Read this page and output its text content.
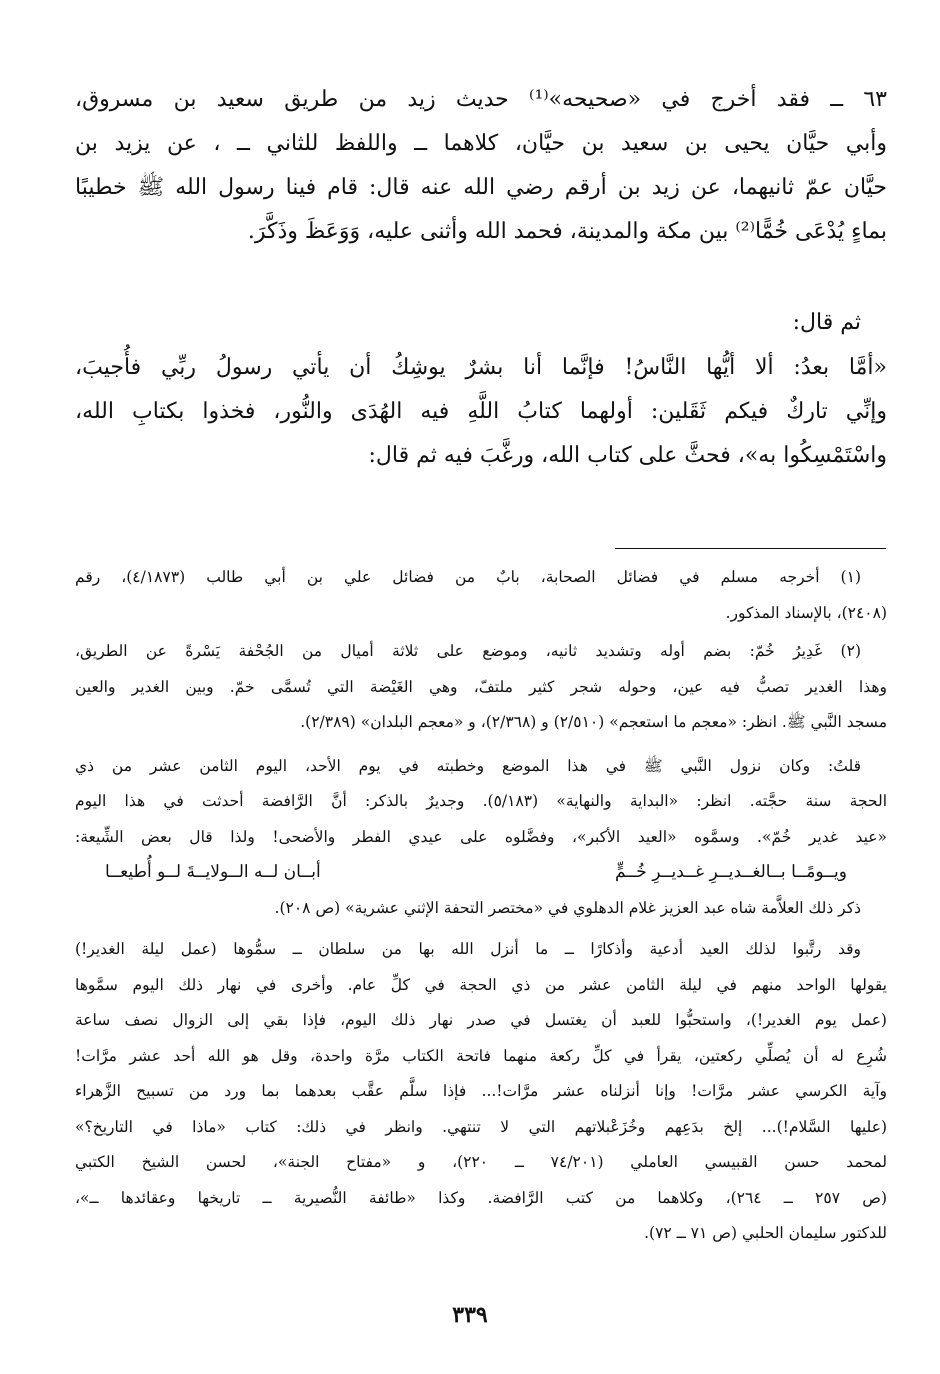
٦٣ ــ فقد أخرج في «صحيحه»⁽¹⁾ حديث زيد من طريق سعيد بن مسروق،
وأبي حيَّان يحيى بن سعيد بن حيَّان، كلاهما ــ واللفظ للثاني ــ ، عن يزيد بن
حيَّان عمّ ثانيهما، عن زيد بن أرقم رضي الله عنه قال: قام فينا رسول الله ﷺ خطيبًا
بماءٍ يُدْعَى خُمًّا⁽²⁾ بين مكة والمدينة، فحمد الله وأثنى عليه، وَوَعَظَ وذَكَّرَ.
ثم قال:
«أمَّا بعدُ: ألا أيُّها النَّاسُ! فإنَّما أنا بشرٌ يوشِكُ أن يأتي رسولُ ربِّي فأُجيبَ،
وإنِّي تاركٌ فيكم ثَقَلين: أولهما كتابُ اللَّهِ فيه الهُدَى والنُّور، فخذوا بكتابِ الله،
واسْتَمْسِكُوا به»، فحثَّ على كتاب الله، ورغَّبَ فيه ثم قال:
(١) أخرجه مسلم في فضائل الصحابة، بابٌ من فضائل علي بن أبي طالب (٤/١٨٧٣)، رقم
(٢٤٠٨)، بالإسناد المذكور.
(٢) غَدِيرُ خُمّ: بضم أوله وتشديد ثانيه، وموضع على ثلاثة أميال من الجُحْفة يَسْرةً عن الطريق،
وهذا الغدير تصبُّ فيه عين، وحوله شجر كثير ملتفّ، وهي الغَيْضة التي تُسمَّى خمّ. وبين الغدير والعين
مسجد النَّبي ﷺ. انظر: «معجم ما استعجم» (٢/٥١٠) و (٢/٣٦٨)، و «معجم البلدان» (٢/٣٨٩).
قلتُ: وكان نزول النَّبي ﷺ في هذا الموضع وخطبته في يوم الأحد، اليوم الثامن عشر من ذي
الحجة سنة حجَّته. انظر: «البداية والنهاية» (٥/١٨٣). وجديرٌ بالذكر: أنَّ الرَّافضة أحدثت في هذا اليوم
«عيد غدير خُمّ». وسمَّوه «العيد الأكبر»، وفضَّلوه على عيدي الفطر والأضحى! ولذا قال بعض الشِّيعة:
ويــومًــا بــالغــديــرِ غــديــرِ خُــمٍّ
أبــان لــه الــولايــةَ لــو أُطيعــا
ذكر ذلك العلاَّمة شاه عبد العزيز غلام الدهلوي في «مختصر التحفة الإثني عشرية» (ص ٢٠٨).
وقد رتَّبوا لذلك العيد أدعية وأذكارًا ــ ما أنزل الله بها من سلطان ــ سمُّوها (عمل ليلة الغدير!)
يقولها الواحد منهم في ليلة الثامن عشر من ذي الحجة في كلِّ عام. وأخرى في نهار ذلك اليوم سمَّوها
(عمل يوم الغدير!)، واستحبُّوا للعبد أن يغتسل في صدر نهار ذلك اليوم، فإذا بقي إلى الزوال نصف ساعة
شُرِع له أن يُصلِّي ركعتين، يقرأ في كلِّ ركعة منهما فاتحة الكتاب مرَّة واحدة، وقل هو الله أحد عشر مرَّات!
وآية الكرسي عشر مرَّات! وإنا أنزلناه عشر مرَّات!... فإذا سلَّم عقَّب بعدهما بما ورد من تسبيح الزَّهراء
(عليها السَّلام!)... إلخ بدَعِهم وخُزَعْبلاتهم التي لا تنتهي. وانظر في ذلك: كتاب «ماذا في التاريخ؟»
لمحمد حسن القبيسي العاملي (٧٤/٢٠١ ــ ٢٢٠)، و «مفتاح الجنة»، لحسن الشيخ الكتبي
(ص ٢٥٧ ــ ٢٦٤)، وكلاهما من كتب الرَّافضة. وكذا «طائفة النُّصيرية ــ تاريخها وعقائدها ــ»،
للدكتور سليمان الحلبي (ص ٧١ ــ ٧٢).
٣٣٩
